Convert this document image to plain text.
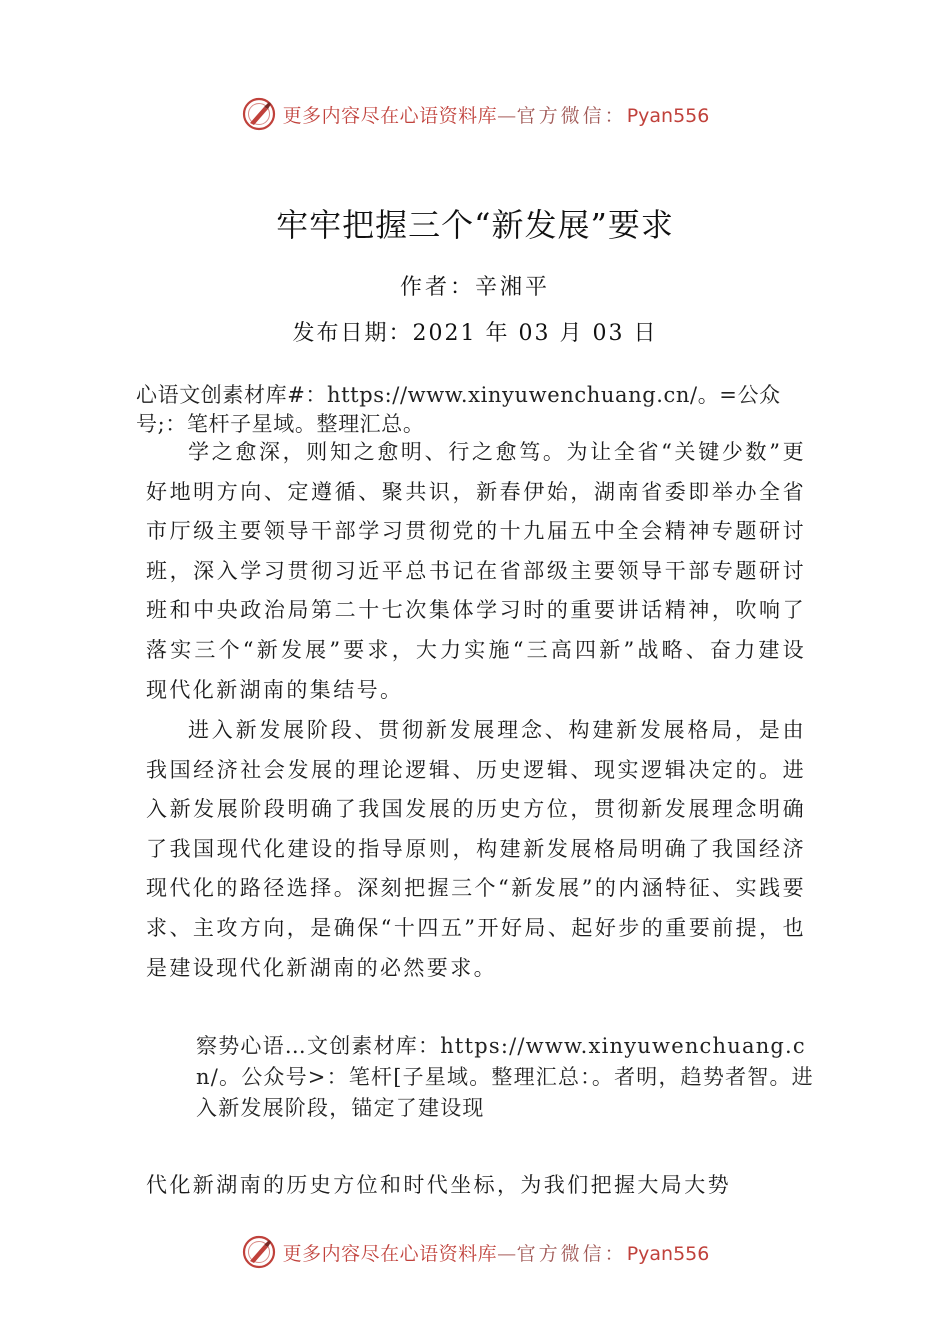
更多内容尽在心语资料库—官方微信：Pyan556
牢牢把握三个“新发展”要求
作者：辛湘平
发布日期：2021 年 03 月 03 日
心语文创素材库#：https://www.xinyuwenchuang.cn/。=公众号;：笔杆子星域。整理汇总。

学之愈深，则知之愈明、行之愈笃。为让全省“关键少数”更好地明方向、定遵循、聚共识，新春伊始，湖南省委即举办全省市厅级主要领导干部学习贯彻党的十九届五中全会精神专题研讨班，深入学习贯彻习近平总书记在省部级主要领导干部专题研讨班和中央政治局第二十七次集体学习时的重要讲话精神，吹响了落实三个“新发展”要求，大力实施“三高四新”战略、奋力建设现代化新湖南的集结号。

进入新发展阶段、贯彻新发展理念、构建新发展格局，是由我国经济社会发展的理论逻辑、历史逻辑、现实逻辑决定的。进入新发展阶段明确了我国发展的历史方位，贯彻新发展理念明确了我国现代化建设的指导原则，构建新发展格局明确了我国经济现代化的路径选择。深刻把握三个“新发展”的内涵特征、实践要求、主攻方向，是确保“十四五”开好局、起好步的重要前提，也是建设现代化新湖南的必然要求。

察势心语…文创素材库：https://www.xinyuwenchuang.cn/。公众号>：笔杆[子星域。整理汇总：。者明，趋势者智。进入新发展阶段，锚定了建设现

代化新湖南的历史方位和时代坐标，为我们把握大局大势

更多内容尽在心语资料库—官方微信：Pyan556
